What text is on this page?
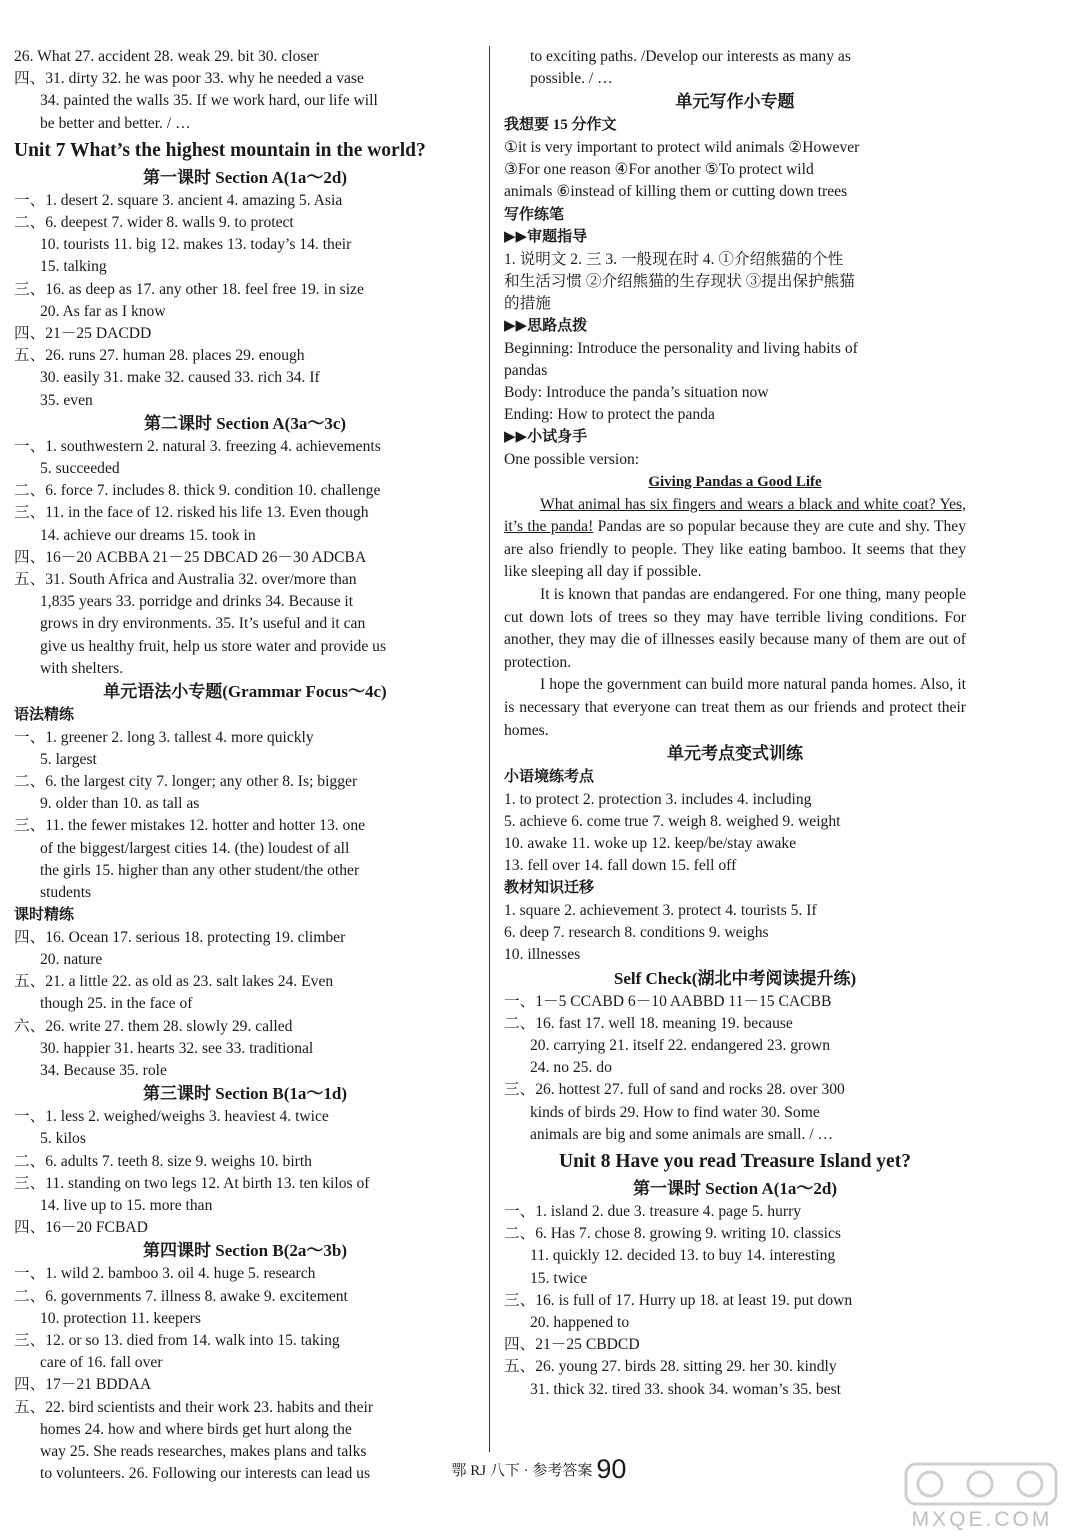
26. What 27. accident 28. weak 29. bit 30. closer
四、31. dirty 32. he was poor 33. why he needed a vase
34. painted the walls 35. If we work hard, our life will
be better and better. / …
Unit 7 What’s the highest mountain in the world?
第一课时 Section A(1a～2d)
一、1. desert 2. square 3. ancient 4. amazing 5. Asia
二、6. deepest 7. wider 8. walls 9. to protect
10. tourists 11. big 12. makes 13. today’s 14. their
15. talking
三、16. as deep as 17. any other 18. feel free 19. in size
20. As far as I know
四、21－25 DACDD
五、26. runs 27. human 28. places 29. enough
30. easily 31. make 32. caused 33. rich 34. If
35. even
第二课时 Section A(3a～3c)
一、1. southwestern 2. natural 3. freezing 4. achievements
5. succeeded
二、6. force 7. includes 8. thick 9. condition 10. challenge
三、11. in the face of 12. risked his life 13. Even though
14. achieve our dreams 15. took in
四、16－20 ACBBA 21－25 DBCAD 26－30 ADCBA
五、31. South Africa and Australia 32. over/more than
1,835 years 33. porridge and drinks 34. Because it
grows in dry environments. 35. It’s useful and it can
give us healthy fruit, help us store water and provide us
with shelters.
单元语法小专题(Grammar Focus～4c)
语法精练
一、1. greener 2. long 3. tallest 4. more quickly
5. largest
二、6. the largest city 7. longer; any other 8. Is; bigger
9. older than 10. as tall as
三、11. the fewer mistakes 12. hotter and hotter 13. one
of the biggest/largest cities 14. (the) loudest of all
the girls 15. higher than any other student/the other
students
课时精练
四、16. Ocean 17. serious 18. protecting 19. climber
20. nature
五、21. a little 22. as old as 23. salt lakes 24. Even
though 25. in the face of
六、26. write 27. them 28. slowly 29. called
30. happier 31. hearts 32. see 33. traditional
34. Because 35. role
第三课时 Section B(1a～1d)
一、1. less 2. weighed/weighs 3. heaviest 4. twice
5. kilos
二、6. adults 7. teeth 8. size 9. weighs 10. birth
三、11. standing on two legs 12. At birth 13. ten kilos of
14. live up to 15. more than
四、16－20 FCBAD
第四课时 Section B(2a～3b)
一、1. wild 2. bamboo 3. oil 4. huge 5. research
二、6. governments 7. illness 8. awake 9. excitement
10. protection 11. keepers
三、12. or so 13. died from 14. walk into 15. taking
care of 16. fall over
四、17－21 BDDAA
五、22. bird scientists and their work 23. habits and their
homes 24. how and where birds get hurt along the
way 25. She reads researches, makes plans and talks
to volunteers. 26. Following our interests can lead us
to exciting paths. /Develop our interests as many as
possible. / …
单元写作小专题
我想要 15 分作文
①it is very important to protect wild animals ②However
③For one reason ④For another ⑤To protect wild
animals ⑥instead of killing them or cutting down trees
写作练笔
▶▶审题指导
1. 说明文 2. 三 3. 一般现在时 4. ①介绍熊猫的个性
和生活习惯 ②介绍熊猫的生存现状 ③提出保护熊猫
的措施
▶▶思路点拨
Beginning: Introduce the personality and living habits of
pandas
Body: Introduce the panda’s situation now
Ending: How to protect the panda
▶▶小试身手
One possible version:
Giving Pandas a Good Life
What animal has six fingers and wears a black and white coat? Yes, it’s the panda! Pandas are so popular because they are cute and shy. They are also friendly to people. They like eating bamboo. It seems that they like sleeping all day if possible.
It is known that pandas are endangered. For one thing, many people cut down lots of trees so they may have terrible living conditions. For another, they may die of illnesses easily because many of them are out of protection.
I hope the government can build more natural panda homes. Also, it is necessary that everyone can treat them as our friends and protect their homes.
单元考点变式训练
小语境练考点
1. to protect 2. protection 3. includes 4. including
5. achieve 6. come true 7. weigh 8. weighed 9. weight
10. awake 11. woke up 12. keep/be/stay awake
13. fell over 14. fall down 15. fell off
教材知识迁移
1. square 2. achievement 3. protect 4. tourists 5. If
6. deep 7. research 8. conditions 9. weighs
10. illnesses
Self Check(湖北中考阅读提升练)
一、1－5 CCABD 6－10 AABBD 11－15 CACBB
二、16. fast 17. well 18. meaning 19. because
20. carrying 21. itself 22. endangered 23. grown
24. no 25. do
三、26. hottest 27. full of sand and rocks 28. over 300
kinds of birds 29. How to find water 30. Some
animals are big and some animals are small. / …
Unit 8 Have you read Treasure Island yet?
第一课时 Section A(1a～2d)
一、1. island 2. due 3. treasure 4. page 5. hurry
二、6. Has 7. chose 8. growing 9. writing 10. classics
11. quickly 12. decided 13. to buy 14. interesting
15. twice
三、16. is full of 17. Hurry up 18. at least 19. put down
20. happened to
四、21－25 CBDCD
五、26. young 27. birds 28. sitting 29. her 30. kindly
31. thick 32. tired 33. shook 34. woman’s 35. best
鄂 RJ 八下 · 参考答案 90
MXQE.COM
